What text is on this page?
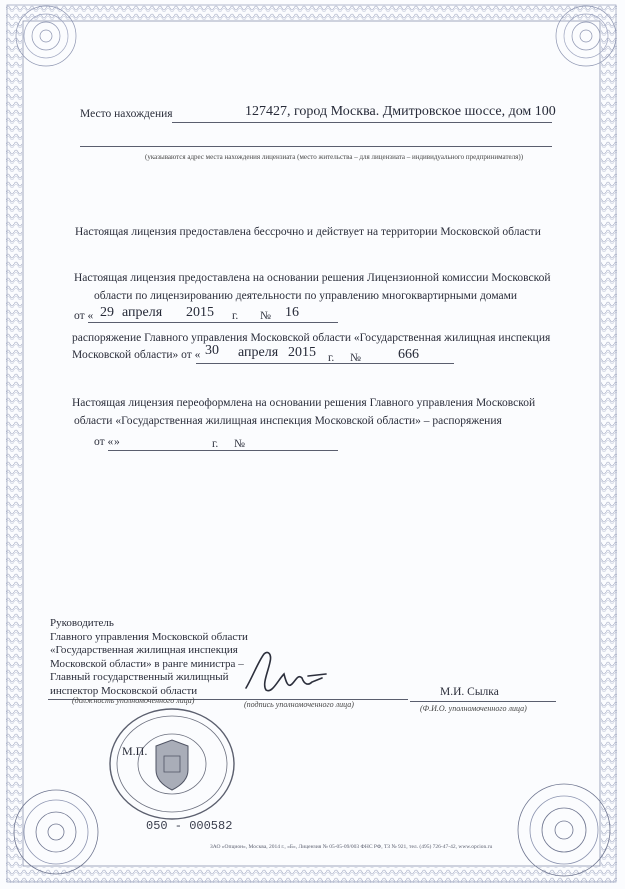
Место нахождения	127427, город Москва. Дмитровское шоссе, дом 100
(указываются адрес места нахождения лицензиата (место жительства – для лицензиата – индивидуального предпринимателя))
Настоящая лицензия предоставлена бессрочно и действует на территории Московской области
Настоящая лицензия предоставлена на основании решения Лицензионной комиссии Московской
области по лицензированию деятельности по управлению многоквартирными домами
от « 29 апреля 2015 г. № 16
распоряжение Главного управления Московской области «Государственная жилищная инспекция
Московской области» от « 30 апреля 2015 г. №	666
Настоящая лицензия переоформлена на основании решения Главного управления Московской
области «Государственная жилищная инспекция Московской области» – распоряжения
от « »	г. №
Руководитель
Главного управления Московской области
«Государственная жилищная инспекция
Московской области» в ранге министра –
Главный государственный жилищный
инспектор Московской области
(должность уполномоченного лица)	(подпись уполномоченного лица)
М.И. Сылка
(Ф.И.О. уполномоченного лица)
М.П.
050 - 000582
ЗАО «Опцион», Москва, 2014 г., «Б», Лицензия № 05-05-09/003 ФНС РФ, ТЗ № 921, тел. (495) 726-47-42, www.opcion.ru
